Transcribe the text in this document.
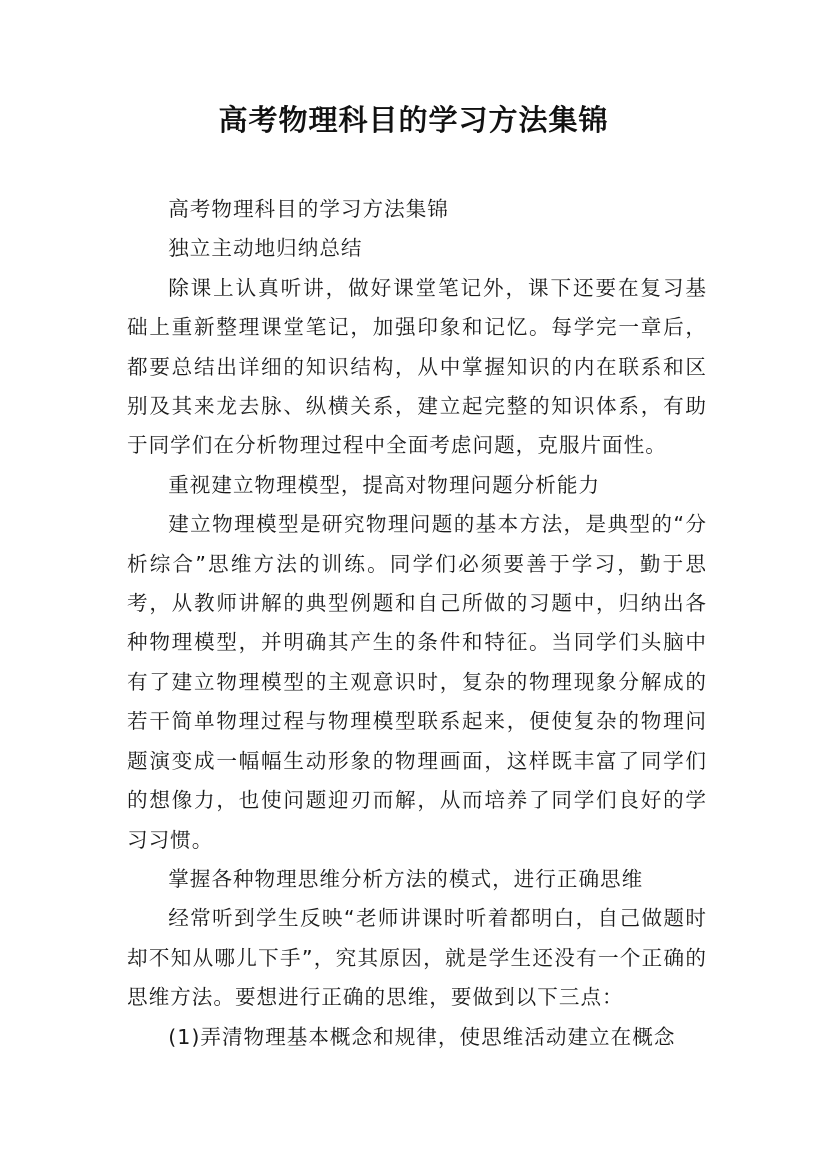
高考物理科目的学习方法集锦

高考物理科目的学习方法集锦

独立主动地归纳总结

除课上认真听讲，做好课堂笔记外，课下还要在复习基础上重新整理课堂笔记，加强印象和记忆。每学完一章后，都要总结出详细的知识结构，从中掌握知识的内在联系和区别及其来龙去脉、纵横关系，建立起完整的知识体系，有助于同学们在分析物理过程中全面考虑问题，克服片面性。

重视建立物理模型，提高对物理问题分析能力

建立物理模型是研究物理问题的基本方法，是典型的“分析综合”思维方法的训练。同学们必须要善于学习，勤于思考，从教师讲解的典型例题和自己所做的习题中，归纳出各种物理模型，并明确其产生的条件和特征。当同学们头脑中有了建立物理模型的主观意识时，复杂的物理现象分解成的若干简单物理过程与物理模型联系起来，便使复杂的物理问题演变成一幅幅生动形象的物理画面，这样既丰富了同学们的想像力，也使问题迎刃而解，从而培养了同学们良好的学习习惯。

掌握各种物理思维分析方法的模式，进行正确思维

经常听到学生反映“老师讲课时听着都明白，自己做题时却不知从哪儿下手”，究其原因，就是学生还没有一个正确的思维方法。要想进行正确的思维，要做到以下三点：

(1)弄清物理基本概念和规律，使思维活动建立在概念
